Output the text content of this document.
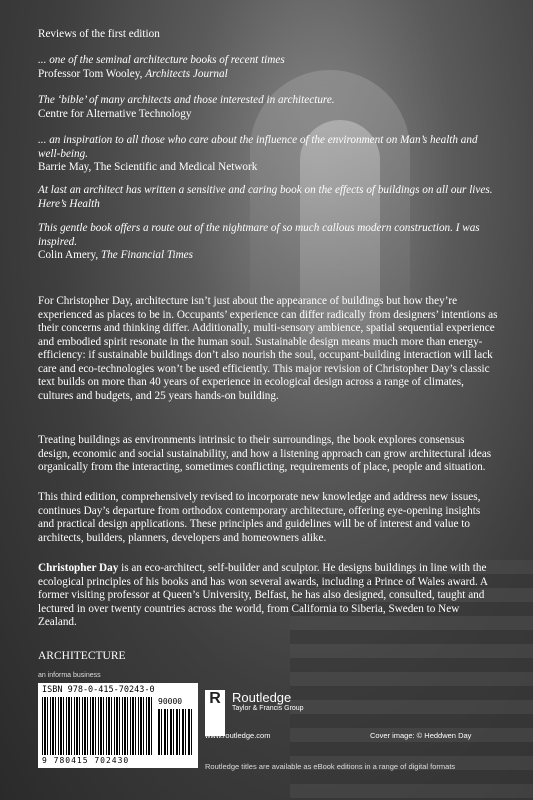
Reviews of the first edition
... one of the seminal architecture books of recent times
Professor Tom Wooley, Architects Journal
The ‘bible’ of many architects and those interested in architecture.
Centre for Alternative Technology
... an inspiration to all those who care about the influence of the environment on Man’s health and well-being.
Barrie May, The Scientific and Medical Network
At last an architect has written a sensitive and caring book on the effects of buildings on all our lives.
Here’s Health
This gentle book offers a route out of the nightmare of so much callous modern construction. I was inspired.
Colin Amery, The Financial Times
For Christopher Day, architecture isn’t just about the appearance of buildings but how they’re experienced as places to be in. Occupants’ experience can differ radically from designers’ intentions as their concerns and thinking differ. Additionally, multi-sensory ambience, spatial sequential experience and embodied spirit resonate in the human soul. Sustainable design means much more than energy-efficiency: if sustainable buildings don’t also nourish the soul, occupant-building interaction will lack care and eco-technologies won’t be used efficiently. This major revision of Christopher Day’s classic text builds on more than 40 years of experience in ecological design across a range of climates, cultures and budgets, and 25 years hands-on building.
Treating buildings as environments intrinsic to their surroundings, the book explores consensus design, economic and social sustainability, and how a listening approach can grow architectural ideas organically from the interacting, sometimes conflicting, requirements of place, people and situation.
This third edition, comprehensively revised to incorporate new knowledge and address new issues, continues Day’s departure from orthodox contemporary architecture, offering eye-opening insights and practical design applications. These principles and guidelines will be of interest and value to architects, builders, planners, developers and homeowners alike.
Christopher Day is an eco-architect, self-builder and sculptor. He designs buildings in line with the ecological principles of his books and has won several awards, including a Prince of Wales award. A former visiting professor at Queen’s University, Belfast, he has also designed, consulted, taught and lectured in over twenty countries across the world, from California to Siberia, Sweden to New Zealand.
ARCHITECTURE
an informa business
ISBN 978-0-415-70243-0
90000
9 780415 702430
R Routledge
Taylor & Francis Group
www.routledge.com	Cover image: © Heddwen Day
Routledge titles are available as eBook editions in a range of digital formats
